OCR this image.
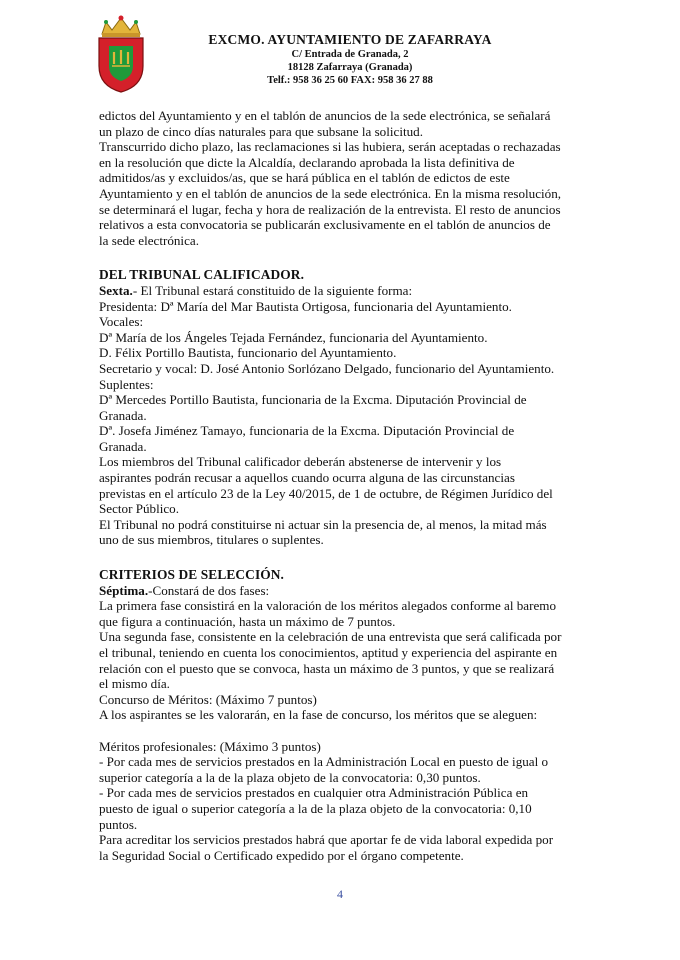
EXCMO. AYUNTAMIENTO DE ZAFARRAYA
C/ Entrada de Granada, 2
18128 Zafarraya (Granada)
Telf.: 958 36 25 60 FAX: 958 36 27 88

edictos del Ayuntamiento y en el tablón de anuncios de la sede electrónica, se señalará

un plazo de cinco días naturales para que subsane la solicitud.

Transcurrido dicho plazo, las reclamaciones si las hubiera, serán aceptadas o rechazadas

en la resolución que dicte la Alcaldía, declarando aprobada la lista definitiva de

admitidos/as y excluidos/as, que se hará pública en el tablón de edictos de este

Ayuntamiento y en el tablón de anuncios de la sede electrónica. En la misma resolución,

se determinará el lugar, fecha y hora de realización de la entrevista. El resto de anuncios

relativos a esta convocatoria se publicarán exclusivamente en el tablón de anuncios de

la sede electrónica.

DEL TRIBUNAL CALIFICADOR.

Sexta.- El Tribunal estará constituido de la siguiente forma:

Presidenta: Dª María del Mar Bautista Ortigosa, funcionaria del Ayuntamiento.

Vocales:

Dª María de los Ángeles Tejada Fernández, funcionaria del Ayuntamiento.

D. Félix Portillo Bautista, funcionario del Ayuntamiento.

Secretario y vocal: D. José Antonio Sorlózano Delgado, funcionario del Ayuntamiento.

Suplentes:

Dª Mercedes Portillo Bautista, funcionaria de la Excma. Diputación Provincial de

Granada.

Dª. Josefa Jiménez Tamayo, funcionaria de la Excma. Diputación Provincial de

Granada.

Los miembros del Tribunal calificador deberán abstenerse de intervenir y los

aspirantes podrán recusar a aquellos cuando ocurra alguna de las circunstancias

previstas en el artículo 23 de la Ley 40/2015, de 1 de octubre, de Régimen Jurídico del

Sector Público.

El Tribunal no podrá constituirse ni actuar sin la presencia de, al menos, la mitad más

uno de sus miembros, titulares o suplentes.

CRITERIOS DE SELECCIÓN.

Séptima.-Constará de dos fases:

La primera fase consistirá en la valoración de los méritos alegados conforme al baremo

que figura a continuación, hasta un máximo de 7 puntos.

Una segunda fase, consistente en la celebración de una entrevista que será calificada por

el tribunal, teniendo en cuenta los conocimientos, aptitud y experiencia del aspirante en

relación con el puesto que se convoca, hasta un máximo de 3 puntos, y que se realizará

el mismo día.

Concurso de Méritos: (Máximo 7 puntos)

A los aspirantes se les valorarán, en la fase de concurso, los méritos que se aleguen:

Méritos profesionales: (Máximo 3 puntos)

- Por cada mes de servicios prestados en la Administración Local en puesto de igual o

superior categoría a la de la plaza objeto de la convocatoria: 0,30 puntos.

- Por cada mes de servicios prestados en cualquier otra Administración Pública en

puesto de igual o superior categoría a la de la plaza objeto de la convocatoria: 0,10

puntos.

Para acreditar los servicios prestados habrá que aportar fe de vida laboral expedida por

la Seguridad Social o Certificado expedido por el órgano competente.

4
